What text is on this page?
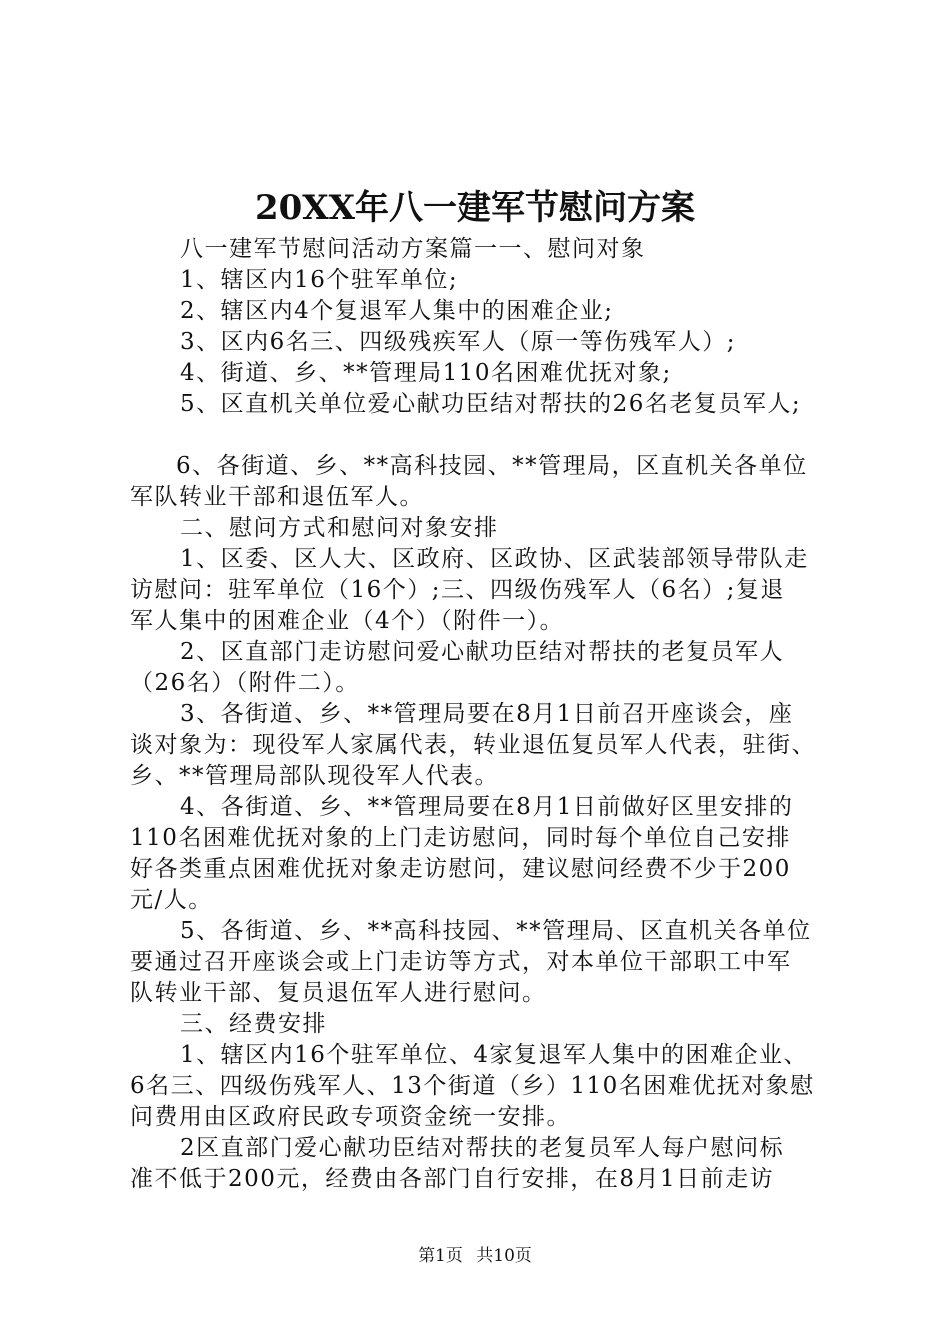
20XX年八一建军节慰问方案
八一建军节慰问活动方案篇一一、慰问对象
1、辖区内16个驻军单位;
2、辖区内4个复退军人集中的困难企业;
3、区内6名三、四级残疾军人（原一等伤残军人）;
4、街道、乡、**管理局110名困难优抚对象;
5、区直机关单位爱心献功臣结对帮扶的26名老复员军人;
6、各街道、乡、**高科技园、**管理局，区直机关各单位
军队转业干部和退伍军人。
二、慰问方式和慰问对象安排
1、区委、区人大、区政府、区政协、区武装部领导带队走
访慰问：驻军单位（16个）;三、四级伤残军人（6名）;复退
军人集中的困难企业（4个）（附件一）。
2、区直部门走访慰问爱心献功臣结对帮扶的老复员军人
（26名）（附件二）。
3、各街道、乡、**管理局要在8月1日前召开座谈会，座
谈对象为：现役军人家属代表，转业退伍复员军人代表，驻街、
乡、**管理局部队现役军人代表。
4、各街道、乡、**管理局要在8月1日前做好区里安排的
110名困难优抚对象的上门走访慰问，同时每个单位自己安排
好各类重点困难优抚对象走访慰问，建议慰问经费不少于200
元/人。
5、各街道、乡、**高科技园、**管理局、区直机关各单位
要通过召开座谈会或上门走访等方式，对本单位干部职工中军
队转业干部、复员退伍军人进行慰问。
三、经费安排
1、辖区内16个驻军单位、4家复退军人集中的困难企业、
6名三、四级伤残军人、13个街道（乡）110名困难优抚对象慰
问费用由区政府民政专项资金统一安排。
2区直部门爱心献功臣结对帮扶的老复员军人每户慰问标
准不低于200元，经费由各部门自行安排，在8月1日前走访
第1页 共10页
